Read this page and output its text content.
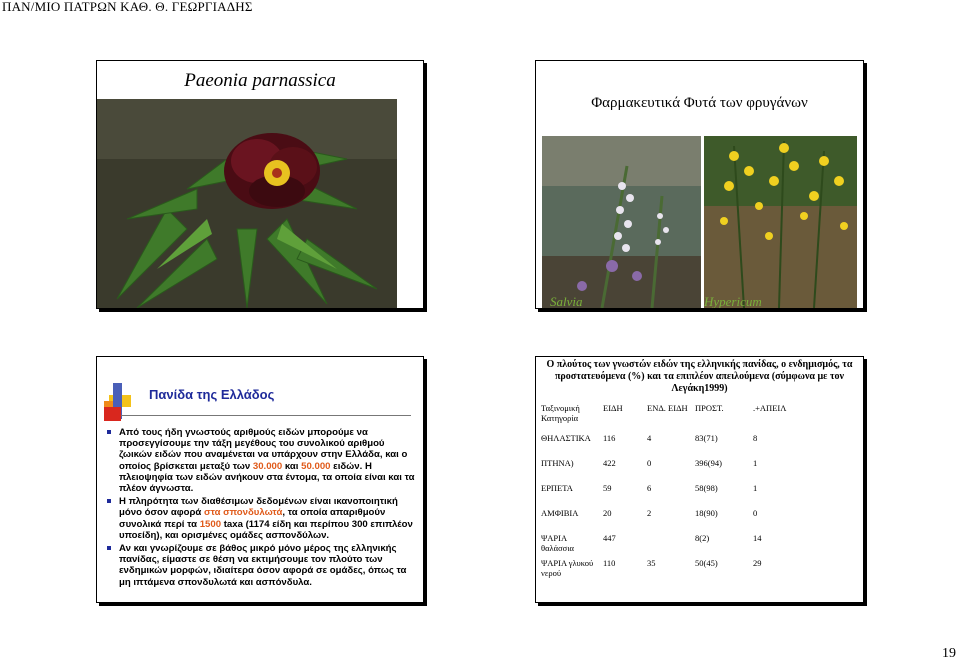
ΠΑΝ/ΜΙΟ ΠΑΤΡΩΝ ΚΑΘ. Θ. ΓΕΩΡΓΙΑΔΗΣ
Paeonia parnassica
Φαρμακευτικά Φυτά των φρυγάνων
Salvia	Hypericum
Πανίδα της Ελλάδος
Από τους ήδη γνωστούς αριθμούς ειδών μπορούμε να προσεγγίσουμε την τάξη μεγέθους του συνολικού αριθμού ζωικών ειδών που αναμένεται να υπάρχουν στην Ελλάδα, και ο οποίος βρίσκεται μεταξύ των 30.000 και 50.000 ειδών. Η πλειοψηφία των ειδών ανήκουν στα έντομα, τα οποία είναι και τα πλέον άγνωστα.
Η πληρότητα των διαθέσιμων δεδομένων είναι ικανοποιητική μόνο όσον αφορά στα σπονδυλωτά, τα οποία απαριθμούν συνολικά περί τα 1500 taxa (1174 είδη και περίπου 300 επιπλέον υποείδη), και ορισμένες ομάδες ασπονδύλων.
Αν και γνωρίζουμε σε βάθος μικρό μόνο μέρος της ελληνικής πανίδας, είμαστε σε θέση να εκτιμήσουμε τον πλούτο των ενδημικών μορφών, ιδιαίτερα όσον αφορά σε ομάδες, όπως τα μη ιπτάμενα σπονδυλωτά και ασπόνδυλα.
Ο πλούτος των γνωστών ειδών της ελληνικής πανίδας, ο ενδημισμός, τα προστατευόμενα (%) και τα επιπλέον απειλούμενα (σύμφωνα με τον Λεγάκη1999)
Ταξινομική Κατηγορία	ΕΙΔΗ	ΕΝΔ. ΕΙΔΗ	ΠΡΟΣΤ.	.+ΑΠΕΙΛ
ΘΗΛΑΣΤΙΚΑ	116	4	83(71)	8
ΠΤΗΝΑ)	422	0	396(94)	1
ΕΡΠΕΤΑ	59	6	58(98)	1
ΑΜΦΙΒΙΑ	20	2	18(90)	0
ΨΑΡΙΑ θαλάσσια	447		8(2)	14
ΨΑΡΙΑ γλυκού νερού	110	35	50(45)	29
19
